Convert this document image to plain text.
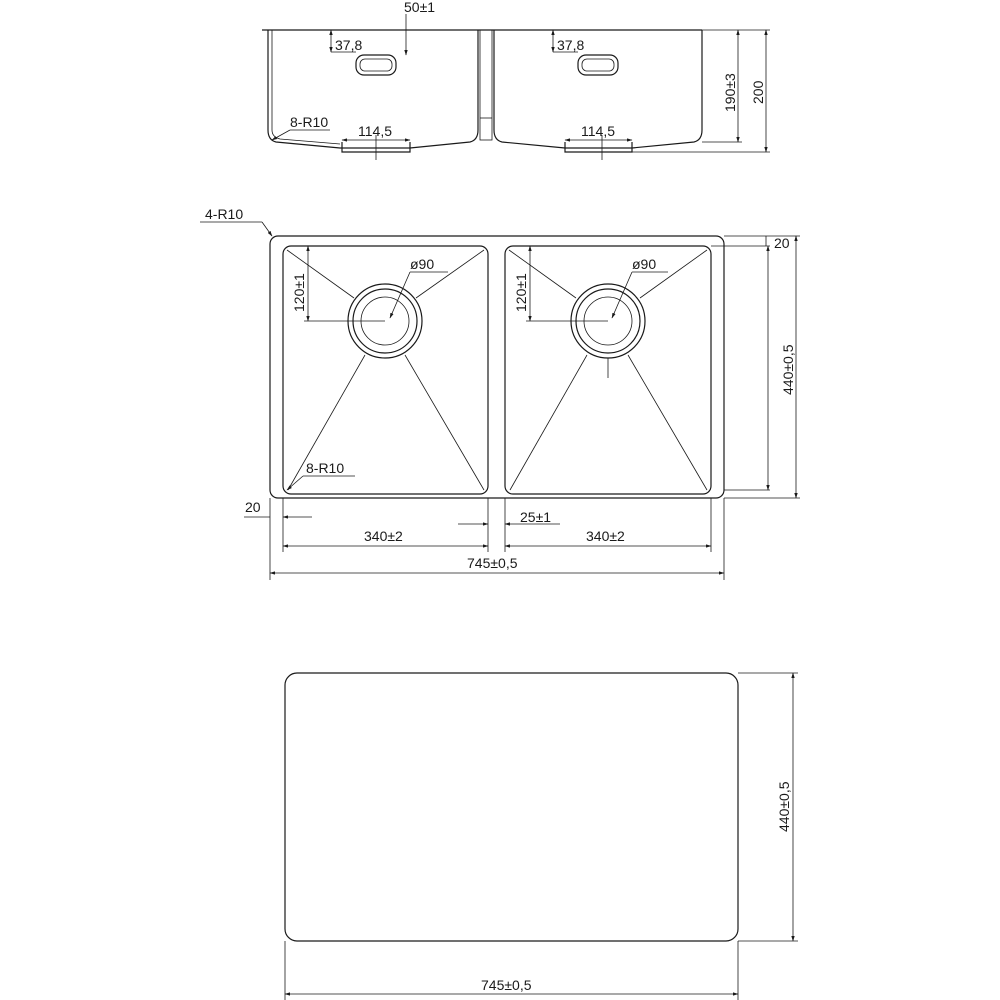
50±1
37,8	37,8
8-R10
114,5	114,5
190±3 200
ø90	ø90
120±1	120±1
4-R10
8-R10
20
440±0,5
20
25±1
340±2	340±2
745±0,5
440±0,5
745±0,5
